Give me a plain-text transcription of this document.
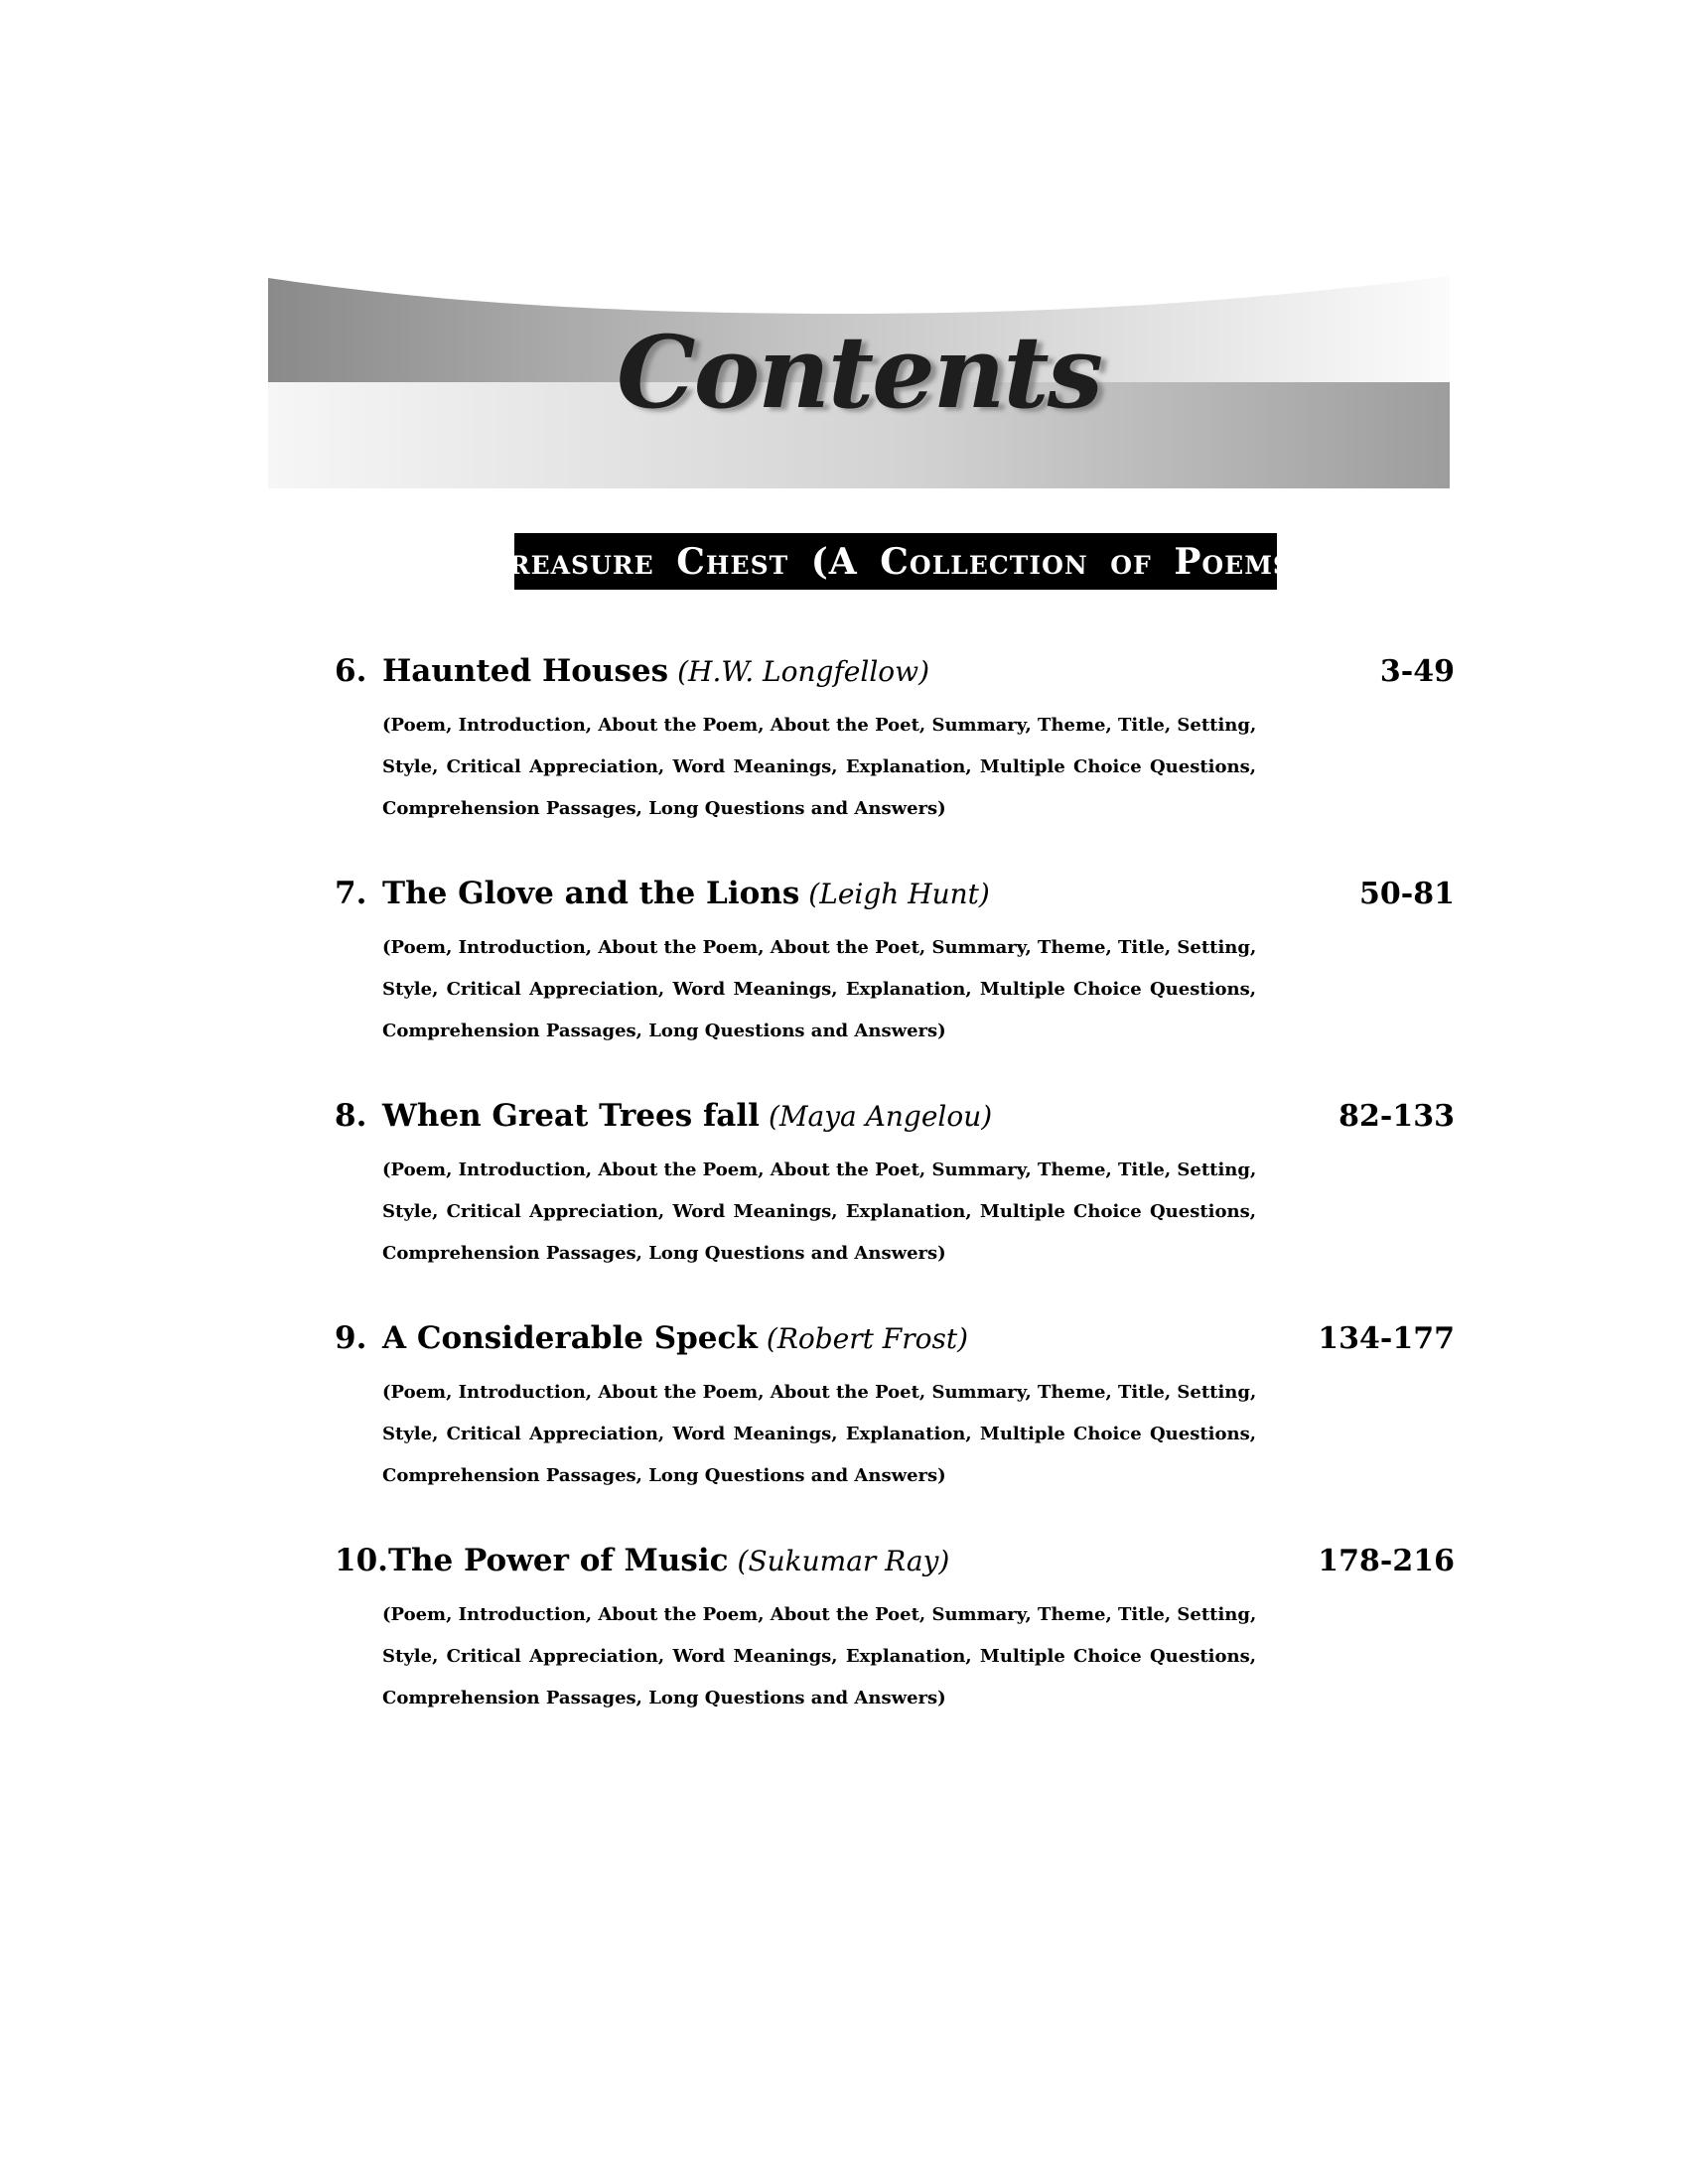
Contents
Treasure Chest (A Collection of Poems)
6. Haunted Houses (H.W. Longfellow)	3-49
(Poem, Introduction, About the Poem, About the Poet, Summary, Theme, Title, Setting,
Style, Critical Appreciation, Word Meanings, Explanation, Multiple Choice Questions,
Comprehension Passages, Long Questions and Answers)
7. The Glove and the Lions (Leigh Hunt)	50-81
(Poem, Introduction, About the Poem, About the Poet, Summary, Theme, Title, Setting,
Style, Critical Appreciation, Word Meanings, Explanation, Multiple Choice Questions,
Comprehension Passages, Long Questions and Answers)
8. When Great Trees fall (Maya Angelou)	82-133
(Poem, Introduction, About the Poem, About the Poet, Summary, Theme, Title, Setting,
Style, Critical Appreciation, Word Meanings, Explanation, Multiple Choice Questions,
Comprehension Passages, Long Questions and Answers)
9. A Considerable Speck (Robert Frost)	134-177
(Poem, Introduction, About the Poem, About the Poet, Summary, Theme, Title, Setting,
Style, Critical Appreciation, Word Meanings, Explanation, Multiple Choice Questions,
Comprehension Passages, Long Questions and Answers)
10. The Power of Music (Sukumar Ray)	178-216
(Poem, Introduction, About the Poem, About the Poet, Summary, Theme, Title, Setting,
Style, Critical Appreciation, Word Meanings, Explanation, Multiple Choice Questions,
Comprehension Passages, Long Questions and Answers)
